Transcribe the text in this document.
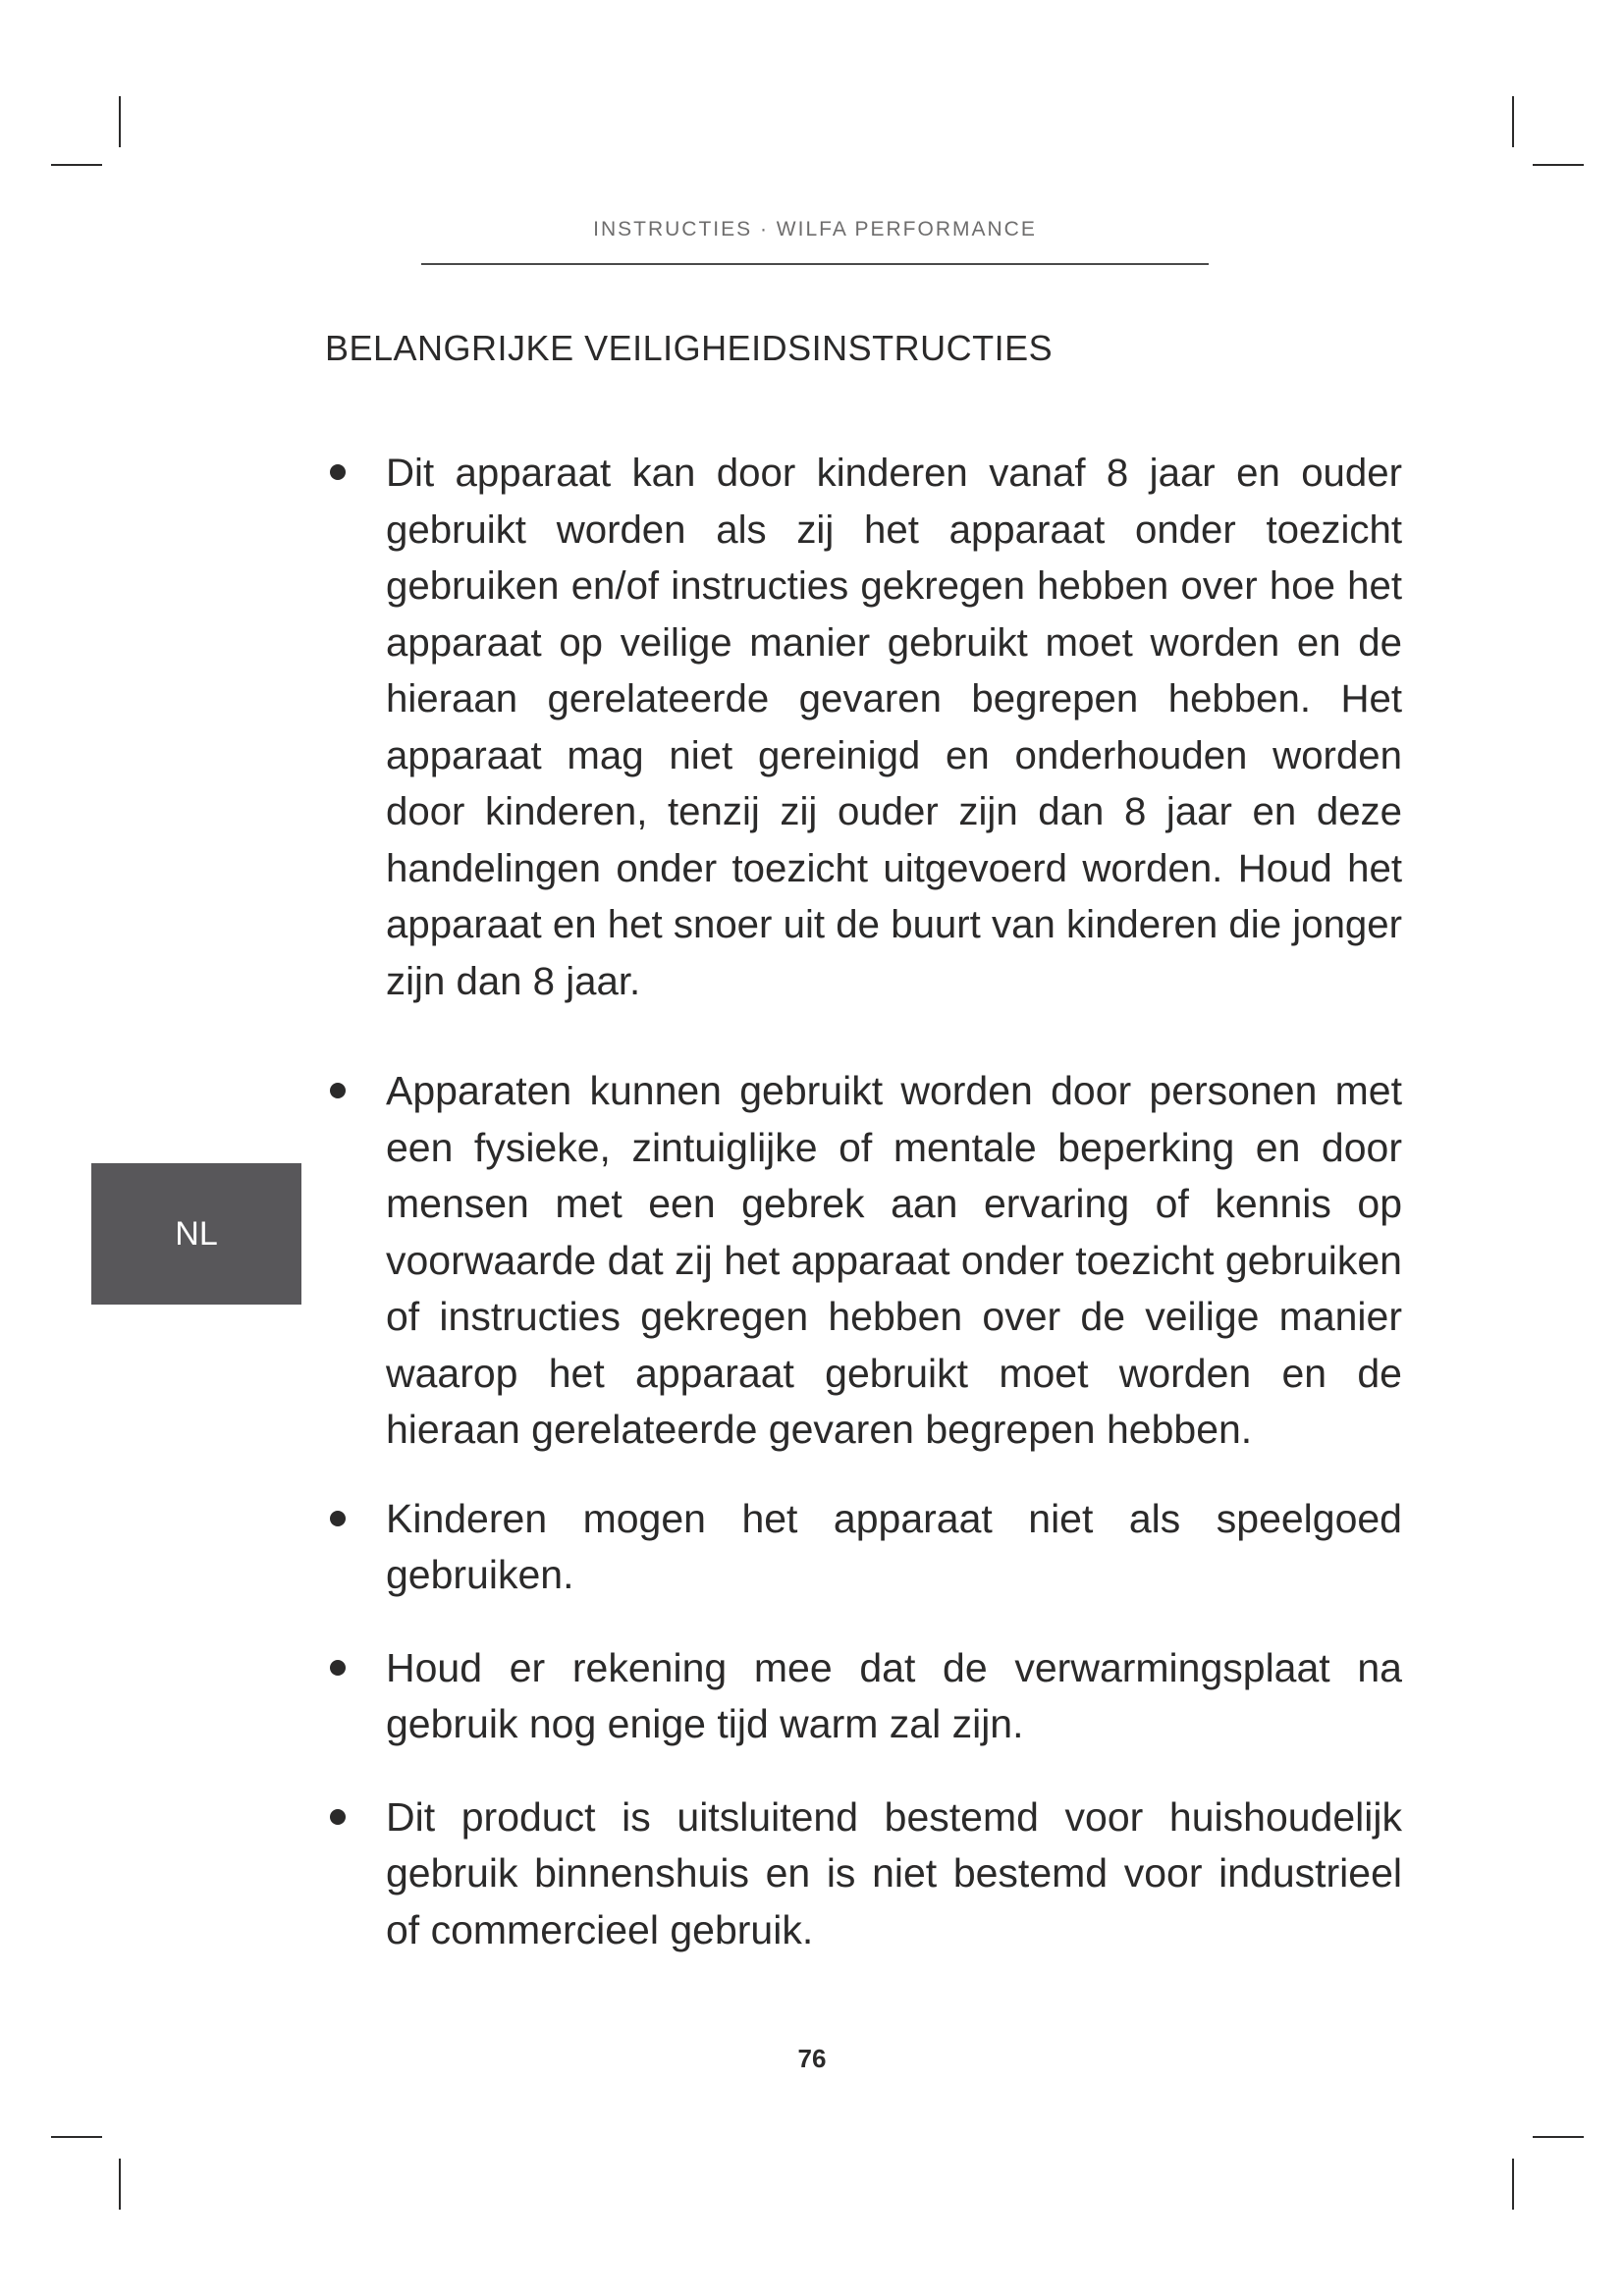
INSTRUCTIES · WILFA PERFORMANCE

BELANGRIJKE VEILIGHEIDSINSTRUCTIES
NL
Dit apparaat kan door kinderen vanaf 8 jaar en ouder gebruikt worden als zij het apparaat onder toezicht gebruiken en/of instructies gekregen hebben over hoe het apparaat op veilige manier gebruikt moet worden en de hieraan gerelateerde gevaren begrepen hebben. Het apparaat mag niet gereinigd en onderhouden worden door kinderen, tenzij zij ouder zijn dan 8 jaar en deze handelingen onder toezicht uitgevoerd worden. Houd het apparaat en het snoer uit de buurt van kinderen die jonger zijn dan 8 jaar.
Apparaten kunnen gebruikt worden door personen met een fysieke, zintuiglijke of mentale beperking en door mensen met een gebrek aan ervaring of kennis op voorwaarde dat zij het apparaat onder toezicht gebruiken of instructies gekregen hebben over de veilige manier waarop het apparaat gebruikt moet worden en de hieraan gerelateerde gevaren begrepen hebben.
Kinderen mogen het apparaat niet als speelgoed gebruiken.
Houd er rekening mee dat de verwarmingsplaat na gebruik nog enige tijd warm zal zijn.
Dit product is uitsluitend bestemd voor huishoudelijk gebruik binnenshuis en is niet bestemd voor industrieel of commercieel gebruik.

76
